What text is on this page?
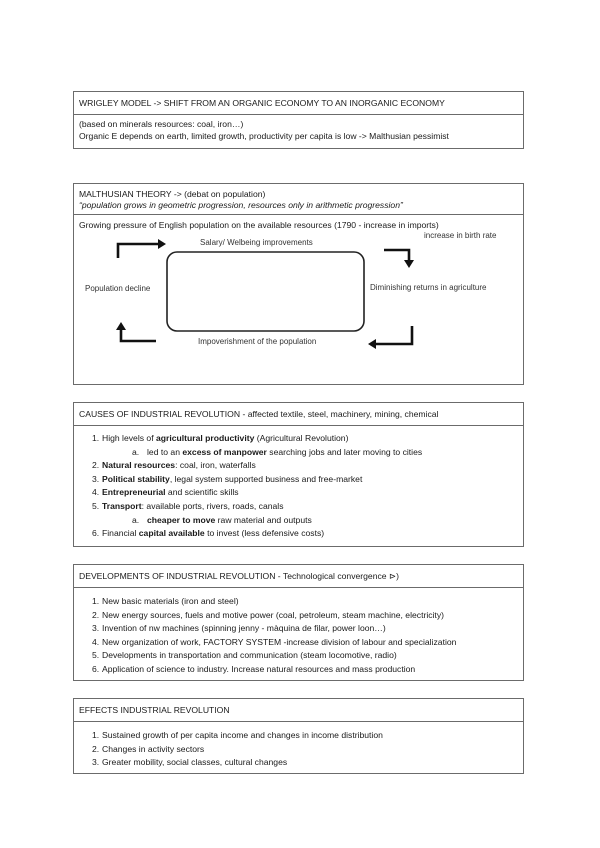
WRIGLEY MODEL -> SHIFT FROM AN ORGANIC ECONOMY TO AN INORGANIC ECONOMY
(based on minerals resources: coal, iron…)
Organic E depends on earth, limited growth, productivity per capita is low -> Malthusian pessimist
MALTHUSIAN THEORY -> (debat on population)
“population grows in geometric progression, resources only in arithmetic progression”
Growing pressure of English population on the available resources (1790 - increase in imports)
Salary/ Welbeing improvements
increase in birth rate
Diminishing returns in agriculture
Impoverishment of the population
Population decline
CAUSES OF INDUSTRIAL REVOLUTION - affected textile, steel, machinery, mining, chemical
1. High levels of agricultural productivity (Agricultural Revolution)
a. led to an excess of manpower searching jobs and later moving to cities
2. Natural resources: coal, iron, waterfalls
3. Political stability, legal system supported business and free-market
4. Entrepreneurial and scientific skills
5. Transport: available ports, rivers, roads, canals
a. cheaper to move raw material and outputs
6. Financial capital available to invest (less defensive costs)
DEVELOPMENTS OF INDUSTRIAL REVOLUTION - Technological convergence ⊳)
1. New basic materials (iron and steel)
2. New energy sources, fuels and motive power (coal, petroleum, steam machine, electricity)
3. Invention of nw machines (spinning jenny - màquina de filar, power loon…)
4. New organization of work, FACTORY SYSTEM -increase division of labour and specialization
5. Developments in transportation and communication (steam locomotive, radio)
6. Application of science to industry. Increase natural resources and mass production
EFFECTS INDUSTRIAL REVOLUTION
1. Sustained growth of per capita income and changes in income distribution
2. Changes in activity sectors
3. Greater mobility, social classes, cultural changes
